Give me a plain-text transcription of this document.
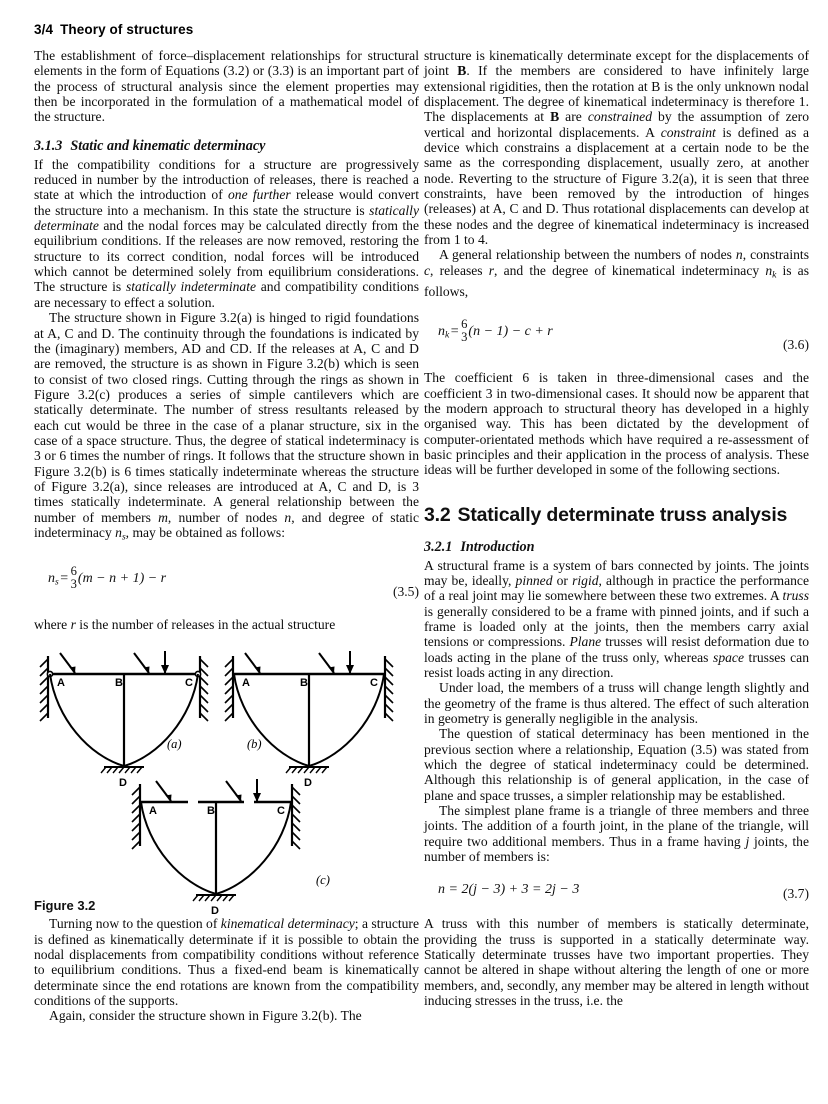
3/4 Theory of structures

The establishment of force–displacement relationships for structural elements in the form of Equations (3.2) or (3.3) is an important part of the process of structural analysis since the element properties may then be incorporated in the formulation of a mathematical model of the structure.

3.1.3 Static and kinematic determinacy

If the compatibility conditions for a structure are progressively reduced in number by the introduction of releases, there is reached a state at which the introduction of one further release would convert the structure into a mechanism. In this state the structure is statically determinate and the nodal forces may be calculated directly from the equilibrium conditions. If the releases are now removed, restoring the structure to its correct condition, nodal forces will be introduced which cannot be determined solely from equilibrium considerations. The structure is statically indeterminate and compatibility conditions are necessary to effect a solution.

The structure shown in Figure 3.2(a) is hinged to rigid foundations at A, C and D. The continuity through the foundations is indicated by the (imaginary) members, AD and CD. If the releases at A, C and D are removed, the structure is as shown in Figure 3.2(b) which is seen to consist of two closed rings. Cutting through the rings as shown in Figure 3.2(c) produces a series of simple cantilevers which are statically determinate. The number of stress resultants released by each cut would be three in the case of a planar structure, six in the case of a space structure. Thus, the degree of statical indeterminacy is 3 or 6 times the number of rings. It follows that the structure shown in Figure 3.2(b) is 6 times statically indeterminate whereas the structure of Figure 3.2(a), since releases are introduced at A, C and D, is 3 times statically indeterminate. A general relationship between the number of members m, number of nodes n, and degree of static indeterminacy $n_s$, may be obtained as follows:

$n_s$ =
6
3 (m − n + 1) − r
(3.5)

where r is the number of releases in the actual structure

A	B	C
D
(a)
A	B	C
D
(b)
A	B	C
D
(c)
Figure 3.2

Turning now to the question of kinematical determinacy; a structure is defined as kinematically determinate if it is possible to obtain the nodal displacements from compatibility conditions without reference to equilibrium conditions. Thus a fixed-end beam is kinematically determinate since the end rotations are known from the compatibility conditions of the supports.

Again, consider the structure shown in Figure 3.2(b). The

structure is kinematically determinate except for the displacements of joint B. If the members are considered to have infinitely large extensional rigidities, then the rotation at B is the only unknown nodal displacement. The degree of kinematical indeterminacy is therefore 1. The displacements at B are constrained by the assumption of zero vertical and horizontal displacements. A constraint is defined as a device which constrains a displacement at a certain node to be the same as the corresponding displacement, usually zero, at another node. Reverting to the structure of Figure 3.2(a), it is seen that three constraints, have been removed by the introduction of hinges (releases) at A, C and D. Thus rotational displacements can develop at these nodes and the degree of kinematical indeterminacy is increased from 1 to 4.

A general relationship between the numbers of nodes n, constraints c, releases r, and the degree of kinematical indeterminacy $n_k$ is as follows,

$n_k$ =
6
3 (n − 1) − c + r
(3.6)

The coefficient 6 is taken in three-dimensional cases and the coefficient 3 in two-dimensional cases. It should now be apparent that the modern approach to structural theory has developed in a highly organised way. This has been dictated by the development of computer-orientated methods which have required a re-assessment of basic principles and their application in the process of analysis. These ideas will be further developed in some of the following sections.

3.2 Statically determinate truss analysis
3.2.1 Introduction

A structural frame is a system of bars connected by joints. The joints may be, ideally, pinned or rigid, although in practice the performance of a real joint may lie somewhere between these two extremes. A truss is generally considered to be a frame with pinned joints, and if such a frame is loaded only at the joints, then the members carry axial tensions or compressions. Plane trusses will resist deformation due to loads acting in the plane of the truss only, whereas space trusses can resist loads acting in any direction.

Under load, the members of a truss will change length slightly and the geometry of the frame is thus altered. The effect of such alteration in geometry is generally negligible in the analysis.

The question of statical determinacy has been mentioned in the previous section where a relationship, Equation (3.5) was stated from which the degree of statical indeterminacy could be determined. Although this relationship is of general application, in the case of plane and space trusses, a simpler relationship may be established.

The simplest plane frame is a triangle of three members and three joints. The addition of a fourth joint, in the plane of the triangle, will require two additional members. Thus in a frame having j joints, the number of members is:

n = 2(j − 3) + 3 = 2j − 3	(3.7)

A truss with this number of members is statically determinate, providing the truss is supported in a statically determinate way. Statically determinate trusses have two important properties. They cannot be altered in shape without altering the length of one or more members, and, secondly, any member may be altered in length without inducing stresses in the truss, i.e. the
